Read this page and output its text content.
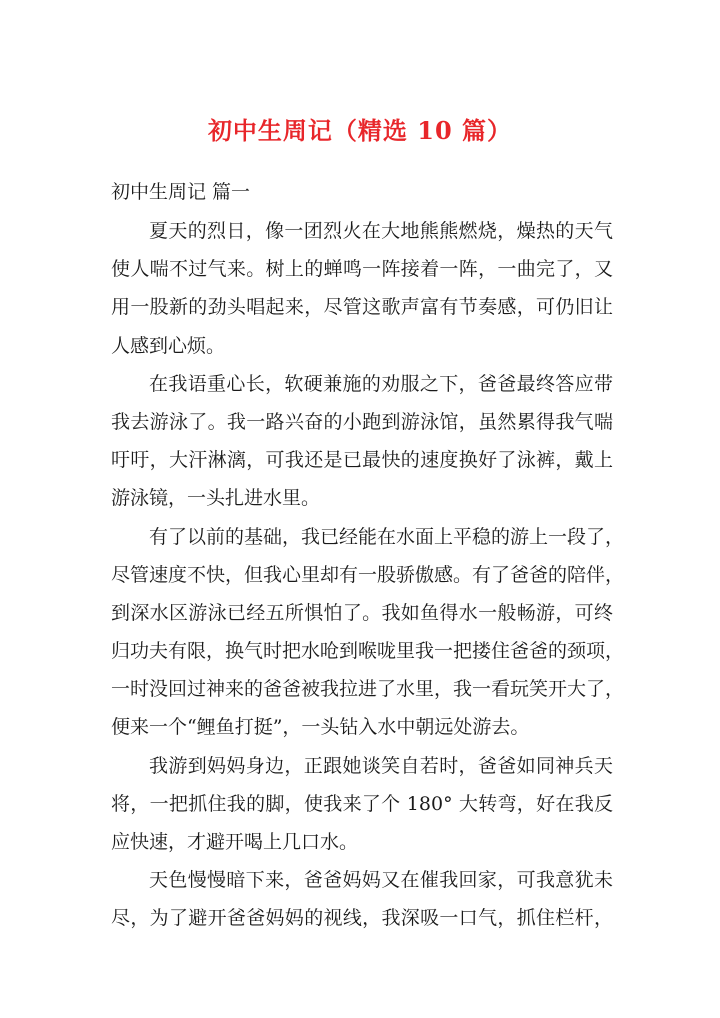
初中生周记（精选 10 篇）
初中生周记 篇一
夏天的烈日，像一团烈火在大地熊熊燃烧，燥热的天气
使人喘不过气来。树上的蝉鸣一阵接着一阵，一曲完了，又
用一股新的劲头唱起来，尽管这歌声富有节奏感，可仍旧让
人感到心烦。
在我语重心长，软硬兼施的劝服之下，爸爸最终答应带
我去游泳了。我一路兴奋的小跑到游泳馆，虽然累得我气喘
吁吁，大汗淋漓，可我还是已最快的速度换好了泳裤，戴上
游泳镜，一头扎进水里。
有了以前的基础，我已经能在水面上平稳的游上一段了，
尽管速度不快，但我心里却有一股骄傲感。有了爸爸的陪伴，
到深水区游泳已经五所惧怕了。我如鱼得水一般畅游，可终
归功夫有限，换气时把水呛到喉咙里我一把搂住爸爸的颈项，
一时没回过神来的爸爸被我拉进了水里，我一看玩笑开大了，
便来一个“鲤鱼打挺”，一头钻入水中朝远处游去。
我游到妈妈身边，正跟她谈笑自若时，爸爸如同神兵天
将，一把抓住我的脚，使我来了个 180° 大转弯，好在我反
应快速，才避开喝上几口水。
天色慢慢暗下来，爸爸妈妈又在催我回家，可我意犹未
尽，为了避开爸爸妈妈的视线，我深吸一口气，抓住栏杆，
